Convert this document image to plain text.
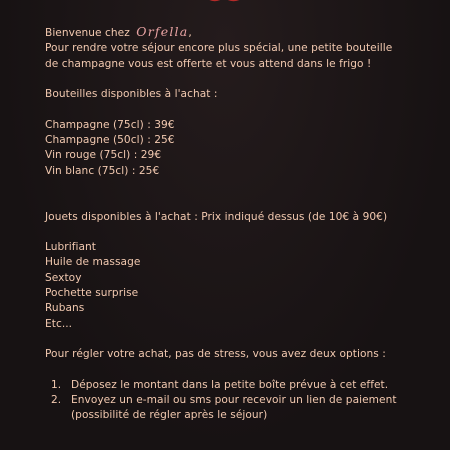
Bienvenue chez Orfella,

Pour rendre votre séjour encore plus spécial, une petite bouteille

de champagne vous est offerte et vous attend dans le frigo !

Bouteilles disponibles à l'achat :

Champagne (75cl) : 39€

Champagne (50cl) : 25€

Vin rouge (75cl) : 29€

Vin blanc (75cl) : 25€

Jouets disponibles à l'achat : Prix indiqué dessus (de 10€ à 90€)

Lubrifiant

Huile de massage

Sextoy

Pochette surprise

Rubans

Etc...

Pour régler votre achat, pas de stress, vous avez deux options :

1. Déposez le montant dans la petite boîte prévue à cet effet.
2. Envoyez un e-mail ou sms pour recevoir un lien de paiement
(possibilité de régler après le séjour)
